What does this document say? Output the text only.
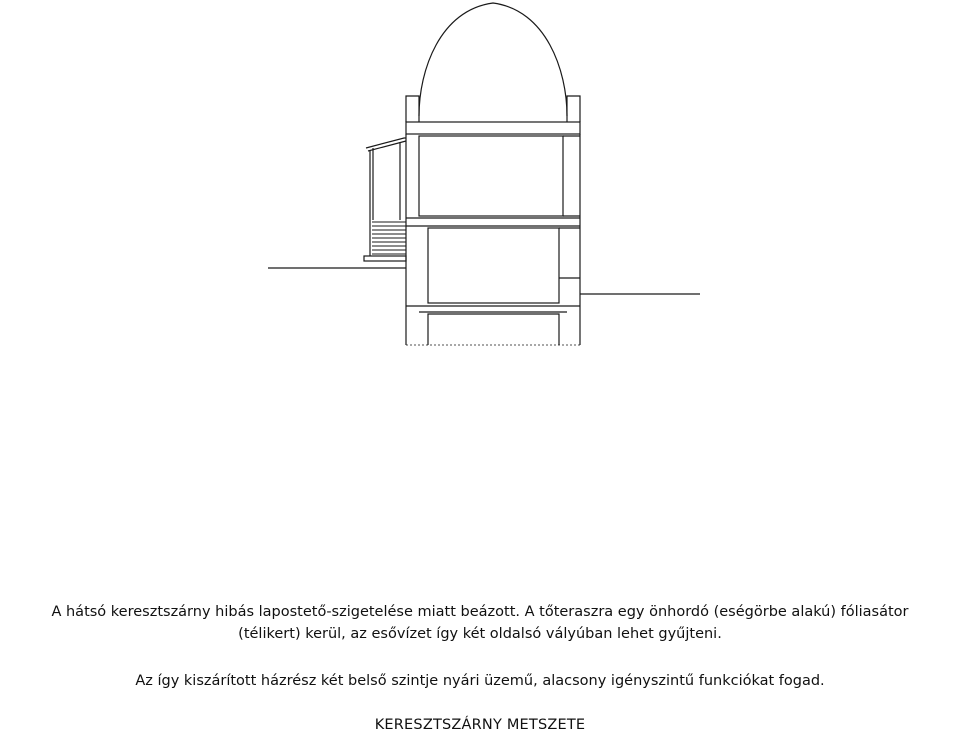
A hátsó keresztszárny hibás lapostető-szigetelése miatt beázott. A tőteraszra egy önhordó (eségörbe alakú) fóliasátor
(télikert) kerül, az esővízet így két oldalsó vályúban lehet gyűjteni.
Az így kiszárított házrész két belső szintje nyári üzemű, alacsony igényszintű funkciókat fogad.
KERESZTSZÁRNY METSZETE
